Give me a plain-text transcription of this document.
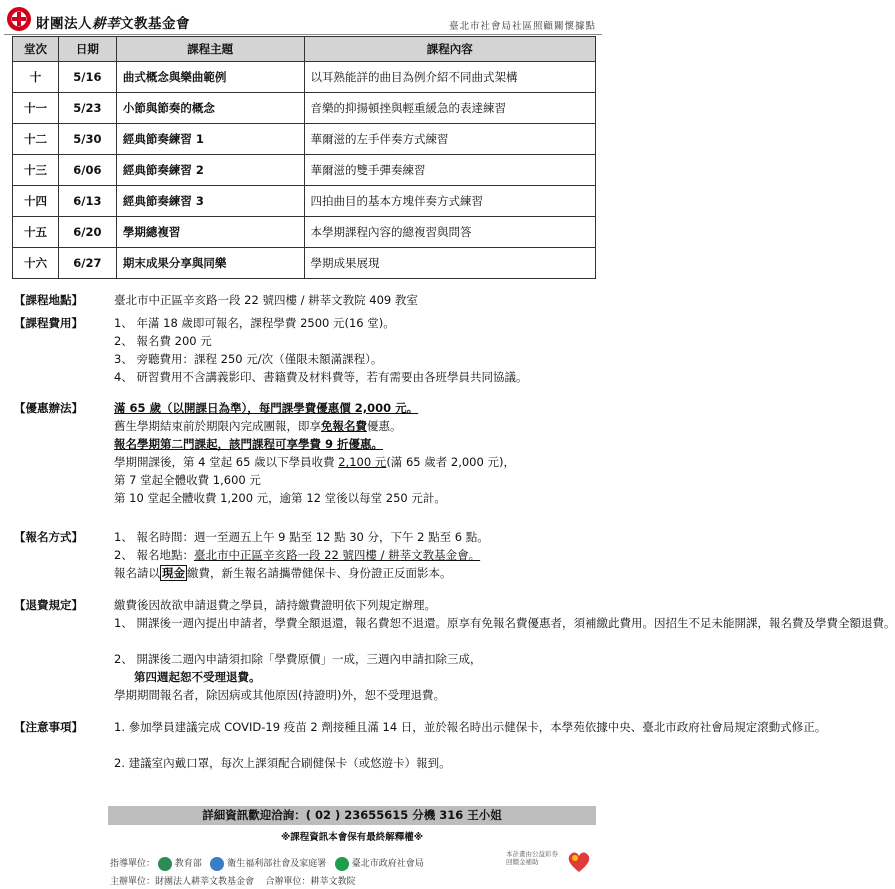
財團法人耕莘文教基金會	臺北市社會局社區照顧關懷據點
堂次	日期	課程主題	課程內容
十	5/16	曲式概念與樂曲範例	以耳熟能詳的曲目為例介紹不同曲式架構
十一	5/23	小節與節奏的概念	音樂的抑揚頓挫與輕重緩急的表達練習
十二	5/30	經典節奏練習 1	華爾滋的左手伴奏方式練習
十三	6/06	經典節奏練習 2	華爾滋的雙手彈奏練習
十四	6/13	經典節奏練習 3	四拍曲目的基本方塊伴奏方式練習
十五	6/20	學期總複習	本學期課程內容的總複習與問答
十六	6/27	期末成果分享與同樂	學期成果展現
【課程地點】	臺北市中正區辛亥路一段 22 號四樓 / 耕莘文教院 409 教室
【課程費用】	1、 年滿 18 歲即可報名，課程學費 2500 元(16 堂)。
2、 報名費 200 元
3、 旁聽費用：課程 250 元/次（僅限未額滿課程）。
4、 研習費用不含講義影印、書籍費及材料費等，若有需要由各班學員共同協議。
【優惠辦法】	滿 65 歲（以開課日為準），每門課學費優惠價 2,000 元。
舊生學期結束前於期限內完成團報，即享免報名費優惠。
報名學期第二門課起，該門課程可享學費 9 折優惠。
學期開課後，第 4 堂起 65 歲以下學員收費 2,100 元(滿 65 歲者 2,000 元)，
第 7 堂起全體收費 1,600 元
第 10 堂起全體收費 1,200 元，逾第 12 堂後以每堂 250 元計。
【報名方式】	1、 報名時間：週一至週五上午 9 點至 12 點 30 分，下午 2 點至 6 點。
2、 報名地點：臺北市中正區辛亥路一段 22 號四樓 / 耕莘文教基金會。
報名請以 現金 繳費，新生報名請攜帶健保卡、身份證正反面影本。
【退費規定】	繳費後因故欲申請退費之學員，請持繳費證明依下列規定辦理。
1、 開課後一週內提出申請者，學費全額退還，報名費恕不退還。原享有免報名費優惠者，須補繳此費用。因招生不足未能開課，報名費及學費全額退費。
2、 開課後二週內申請須扣除「學費原價」一成，三週內申請扣除三成，
第四週起恕不受理退費。
學期期間報名者，除因病或其他原因(持證明)外，恕不受理退費。
【注意事項】	1. 參加學員建議完成 COVID-19 疫苗 2 劑接種且滿 14 日，並於報名時出示健保卡，本學苑依據中央、臺北市政府社會局規定滾動式修正。
2. 建議室內戴口罩，每次上課須配合刷健保卡（或悠遊卡）報到。
詳細資訊歡迎洽詢：( 02 ) 23655615 分機 316 王小姐
※課程資訊本會保有最終解釋權※
指導單位： 教育部	衛生福利部社會及家庭署	臺北市政府社會局
主辦單位：財團法人耕莘文教基金會 合辦單位：耕莘文教院
本計畫由公益彩券回饋金補助
